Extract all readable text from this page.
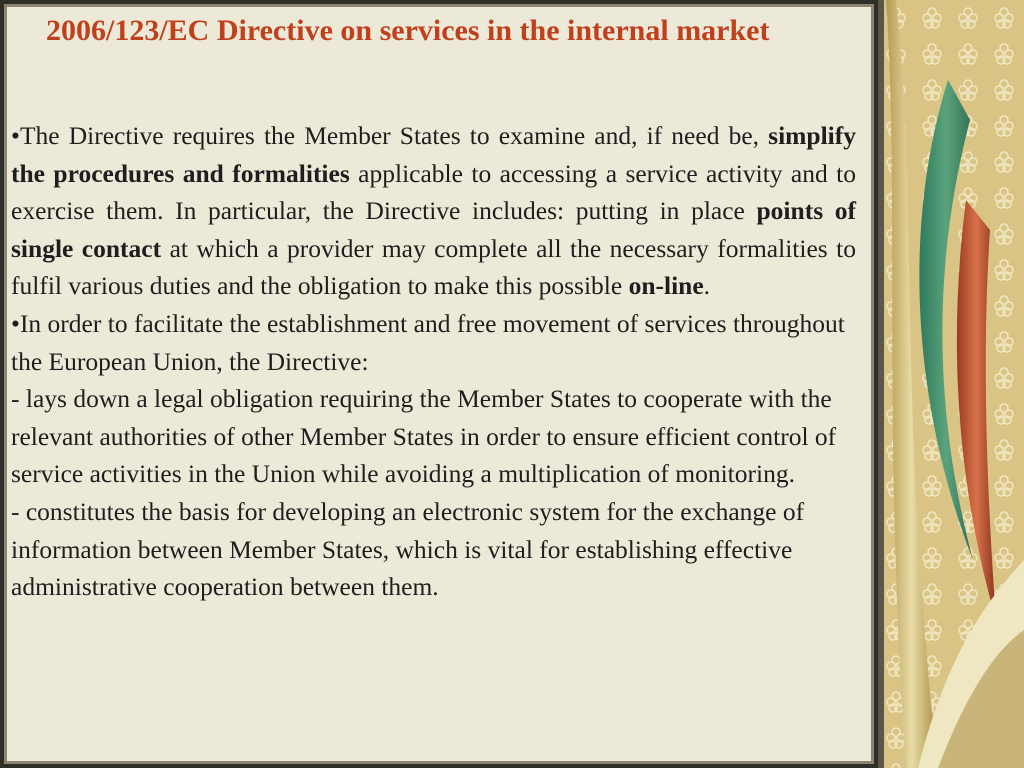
2006/123/EC Directive on services in the internal market

•The Directive requires the Member States to examine and, if need be, simplify the procedures and formalities applicable to accessing a service activity and to exercise them. In particular, the Directive includes: putting in place points of single contact at which a provider may complete all the necessary formalities to fulfil various duties and the obligation to make this possible on-line.

•In order to facilitate the establishment and free movement of services throughout the European Union, the Directive:

- lays down a legal obligation requiring the Member States to cooperate with the relevant authorities of other Member States in order to ensure efficient control of service activities in the Union while avoiding a multiplication of monitoring.

- constitutes the basis for developing an electronic system for the exchange of information between Member States, which is vital for establishing effective administrative cooperation between them.
